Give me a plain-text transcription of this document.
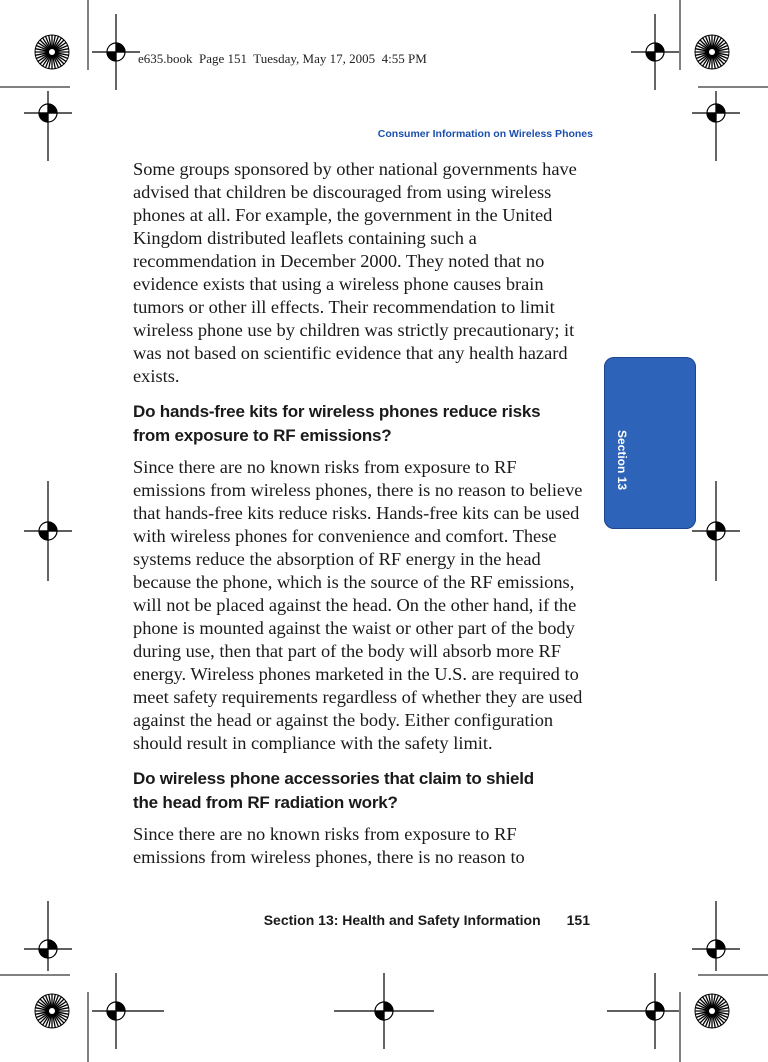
e635.book  Page 151  Tuesday, May 17, 2005  4:55 PM
Consumer Information on Wireless Phones
Section 13

Some groups sponsored by other national governments have advised that children be discouraged from using wireless phones at all. For example, the government in the United Kingdom distributed leaflets containing such a recommendation in December 2000. They noted that no evidence exists that using a wireless phone causes brain tumors or other ill effects. Their recommendation to limit wireless phone use by children was strictly precautionary; it was not based on scientific evidence that any health hazard exists.

Do hands-free kits for wireless phones reduce risks from exposure to RF emissions?

Since there are no known risks from exposure to RF emissions from wireless phones, there is no reason to believe that hands-free kits reduce risks. Hands-free kits can be used with wireless phones for convenience and comfort. These systems reduce the absorption of RF energy in the head because the phone, which is the source of the RF emissions, will not be placed against the head. On the other hand, if the phone is mounted against the waist or other part of the body during use, then that part of the body will absorb more RF energy. Wireless phones marketed in the U.S. are required to meet safety requirements regardless of whether they are used against the head or against the body. Either configuration should result in compliance with the safety limit.

Do wireless phone accessories that claim to shield the head from RF radiation work?

Since there are no known risks from exposure to RF emissions from wireless phones, there is no reason to

Section 13: Health and Safety Information 151
